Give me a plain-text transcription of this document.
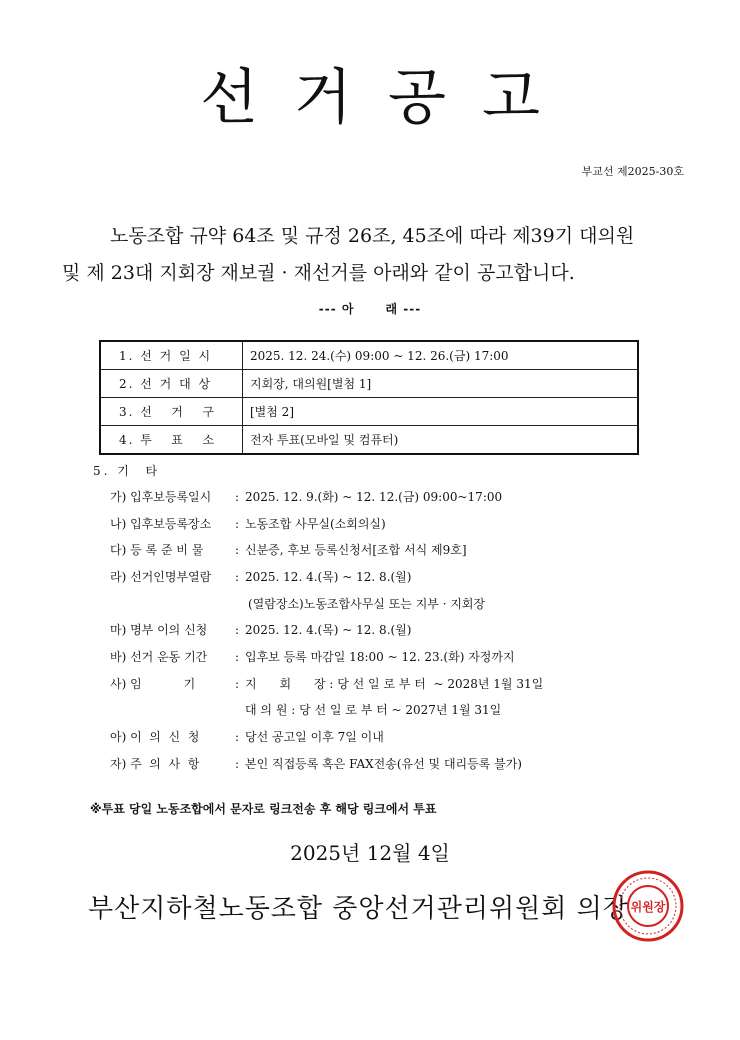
선거공고
부교선 제2025-30호
노동조합 규약 64조 및 규정 26조, 45조에 따라 제39기 대의원
및 제 23대 지회장 재보궐 · 재선거를 아래와 같이 공고합니다.
--- 아      래 ---
1. 선 거 일 시	2025. 12. 24.(수) 09:00 ~ 12. 26.(금) 17:00
2. 선 거 대 상	지회장, 대의원[별첨 1]
3. 선   거   구	[별첨 2]
4. 투   표   소	전자 투표(모바일 및 컴퓨터)
5. 기  타
가) 입후보등록일시 : 2025. 12. 9.(화) ~ 12. 12.(금) 09:00~17:00
나) 입후보등록장소 : 노동조합 사무실(소회의실)
다) 등 록 준 비 물	: 신분증, 후보 등록신청서[조합 서식 제9호]
라) 선거인명부열람 : 2025. 12. 4.(목) ~ 12. 8.(월)
(열람장소)노동조합사무실 또는 지부 · 지회장
마) 명부 이의 신청 : 2025. 12. 4.(목) ~ 12. 8.(월)
바) 선거 운동 기간 : 입후보 등록 마감일 18:00 ~ 12. 23.(화) 자정까지
사) 임           기	: 지      회      장 : 당 선 일 로 부 터  ~ 2028년 1월 31일
대 의 원 : 당 선 일 로 부 터 ~ 2027년 1월 31일
아) 이  의  신  청	: 당선 공고일 이후 7일 이내
자) 주  의  사  항	: 본인 직접등록 혹은 FAX전송(유선 및 대리등록 불가)
※투표 당일 노동조합에서 문자로 링크전송 후 해당 링크에서 투표
2025년 12월 4일
부산지하철노동조합 중앙선거관리위원회 의장 위원장
